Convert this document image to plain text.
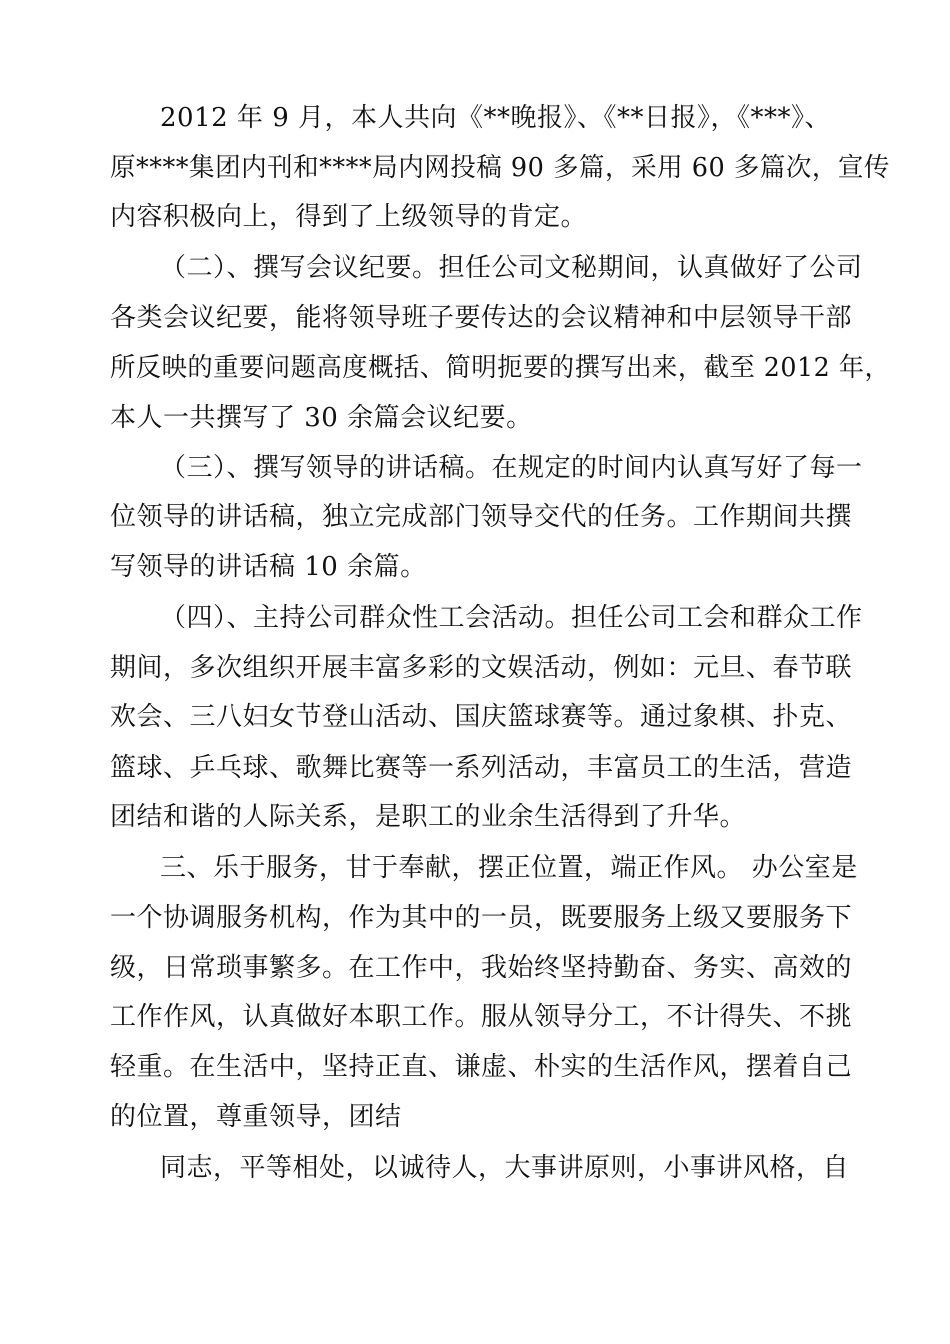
2012 年 9 月，本人共向《**晚报》、《**日报》，《***》、
原****集团内刊和****局内网投稿 90 多篇，采用 60 多篇次，宣传
内容积极向上，得到了上级领导的肯定。
（二）、撰写会议纪要。担任公司文秘期间，认真做好了公司
各类会议纪要，能将领导班子要传达的会议精神和中层领导干部
所反映的重要问题高度概括、简明扼要的撰写出来，截至 2012 年，
本人一共撰写了 30 余篇会议纪要。
（三）、撰写领导的讲话稿。在规定的时间内认真写好了每一
位领导的讲话稿，独立完成部门领导交代的任务。工作期间共撰
写领导的讲话稿 10 余篇。
（四）、主持公司群众性工会活动。担任公司工会和群众工作
期间，多次组织开展丰富多彩的文娱活动，例如：元旦、春节联
欢会、三八妇女节登山活动、国庆篮球赛等。通过象棋、扑克、
篮球、乒乓球、歌舞比赛等一系列活动，丰富员工的生活，营造
团结和谐的人际关系，是职工的业余生活得到了升华。
三、乐于服务，甘于奉献，摆正位置，端正作风。 办公室是
一个协调服务机构，作为其中的一员，既要服务上级又要服务下
级，日常琐事繁多。在工作中，我始终坚持勤奋、务实、高效的
工作作风，认真做好本职工作。服从领导分工，不计得失、不挑
轻重。在生活中，坚持正直、谦虚、朴实的生活作风，摆着自己
的位置，尊重领导，团结
同志，平等相处，以诚待人，大事讲原则，小事讲风格，自
